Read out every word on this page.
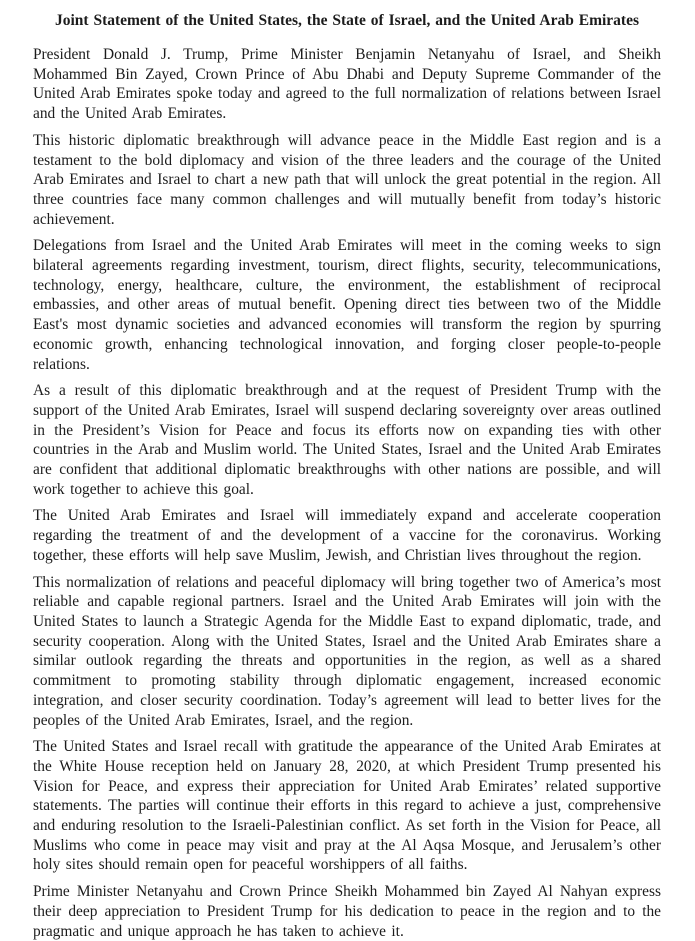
Joint Statement of the United States, the State of Israel, and the United Arab Emirates

President Donald J. Trump, Prime Minister Benjamin Netanyahu of Israel, and Sheikh Mohammed Bin Zayed, Crown Prince of Abu Dhabi and Deputy Supreme Commander of the United Arab Emirates spoke today and agreed to the full normalization of relations between Israel and the United Arab Emirates.

This historic diplomatic breakthrough will advance peace in the Middle East region and is a testament to the bold diplomacy and vision of the three leaders and the courage of the United Arab Emirates and Israel to chart a new path that will unlock the great potential in the region. All three countries face many common challenges and will mutually benefit from today’s historic achievement.

Delegations from Israel and the United Arab Emirates will meet in the coming weeks to sign bilateral agreements regarding investment, tourism, direct flights, security, telecommunications, technology, energy, healthcare, culture, the environment, the establishment of reciprocal embassies, and other areas of mutual benefit. Opening direct ties between two of the Middle East's most dynamic societies and advanced economies will transform the region by spurring economic growth, enhancing technological innovation, and forging closer people-to-people relations.

As a result of this diplomatic breakthrough and at the request of President Trump with the support of the United Arab Emirates, Israel will suspend declaring sovereignty over areas outlined in the President’s Vision for Peace and focus its efforts now on expanding ties with other countries in the Arab and Muslim world. The United States, Israel and the United Arab Emirates are confident that additional diplomatic breakthroughs with other nations are possible, and will work together to achieve this goal.

The United Arab Emirates and Israel will immediately expand and accelerate cooperation regarding the treatment of and the development of a vaccine for the coronavirus. Working together, these efforts will help save Muslim, Jewish, and Christian lives throughout the region.

This normalization of relations and peaceful diplomacy will bring together two of America’s most reliable and capable regional partners. Israel and the United Arab Emirates will join with the United States to launch a Strategic Agenda for the Middle East to expand diplomatic, trade, and security cooperation. Along with the United States, Israel and the United Arab Emirates share a similar outlook regarding the threats and opportunities in the region, as well as a shared commitment to promoting stability through diplomatic engagement, increased economic integration, and closer security coordination. Today’s agreement will lead to better lives for the peoples of the United Arab Emirates, Israel, and the region.

The United States and Israel recall with gratitude the appearance of the United Arab Emirates at the White House reception held on January 28, 2020, at which President Trump presented his Vision for Peace, and express their appreciation for United Arab Emirates’ related supportive statements. The parties will continue their efforts in this regard to achieve a just, comprehensive and enduring resolution to the Israeli-Palestinian conflict. As set forth in the Vision for Peace, all Muslims who come in peace may visit and pray at the Al Aqsa Mosque, and Jerusalem’s other holy sites should remain open for peaceful worshippers of all faiths.

Prime Minister Netanyahu and Crown Prince Sheikh Mohammed bin Zayed Al Nahyan express their deep appreciation to President Trump for his dedication to peace in the region and to the pragmatic and unique approach he has taken to achieve it.
